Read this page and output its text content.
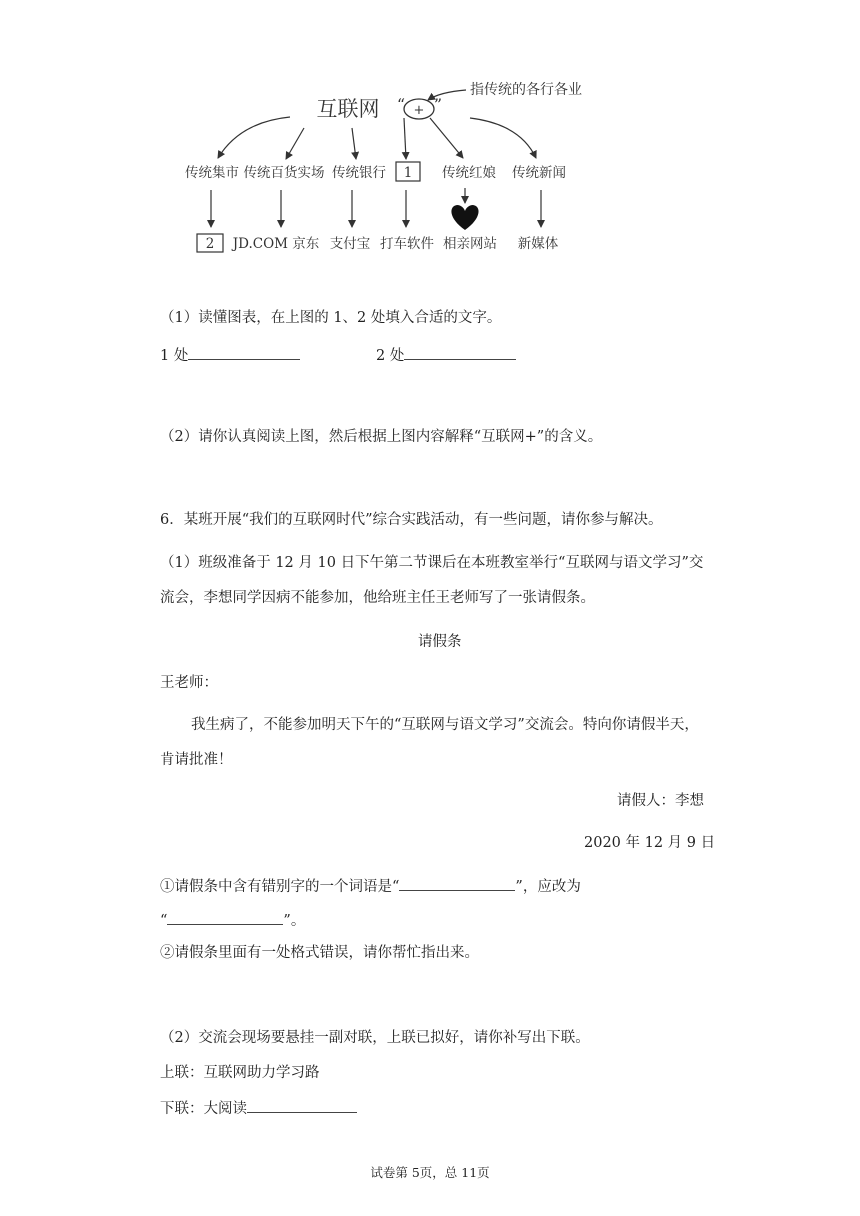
互联网 “ + ”
指传统的各行各业
传统集市 传统百货实场 传统银行 1 传统红娘 传统新闻
2 JD.COM 京东 支付宝 打车软件 相亲网站 新媒体
（1）读懂图表，在上图的 1、2 处填入合适的文字。
1 处	2 处
（2）请你认真阅读上图，然后根据上图内容解释“互联网+”的含义。
6．某班开展“我们的互联网时代”综合实践活动，有一些问题，请你参与解决。
（1）班级准备于 12 月 10 日下午第二节课后在本班教室举行“互联网与语文学习”交
流会，李想同学因病不能参加，他给班主任王老师写了一张请假条。
请假条
王老师：
我生病了，不能参加明天下午的“互联网与语文学习”交流会。特向你请假半天，
肯请批准！
请假人：李想
2020 年 12 月 9 日
①请假条中含有错别字的一个词语是“	”，应改为
“	”。
②请假条里面有一处格式错误，请你帮忙指出来。
（2）交流会现场要悬挂一副对联，上联已拟好，请你补写出下联。
上联：互联网助力学习路
下联：大阅读
试卷第 5页，总 11页
